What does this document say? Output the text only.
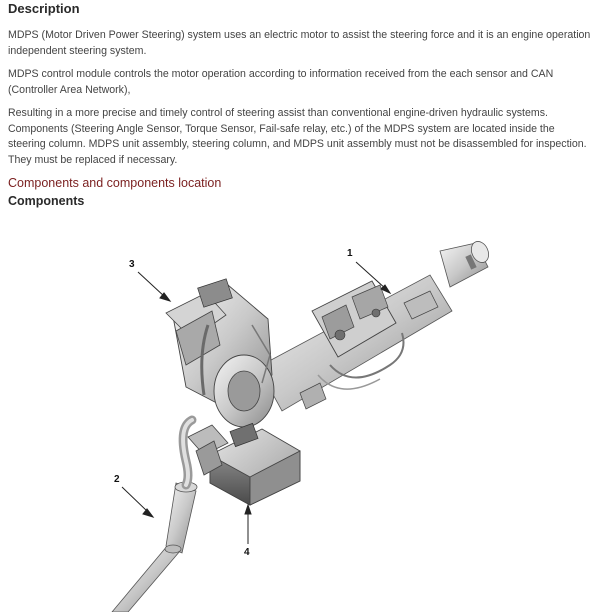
Description

MDPS (Motor Driven Power Steering) system uses an electric motor to assist the steering force and it is an engine operation independent steering system.

MDPS control module controls the motor operation according to information received from the each sensor and CAN (Controller Area Network),

Resulting in a more precise and timely control of steering assist than conventional engine-driven hydraulic systems. Components (Steering Angle Sensor, Torque Sensor, Fail-safe relay, etc.) of the MDPS system are located inside the steering column. MDPS unit assembly, steering column, and MDPS unit assembly must not be disassembled for inspection. They must be replaced if necessary.

Components and components location
Components
1
2
3
4
